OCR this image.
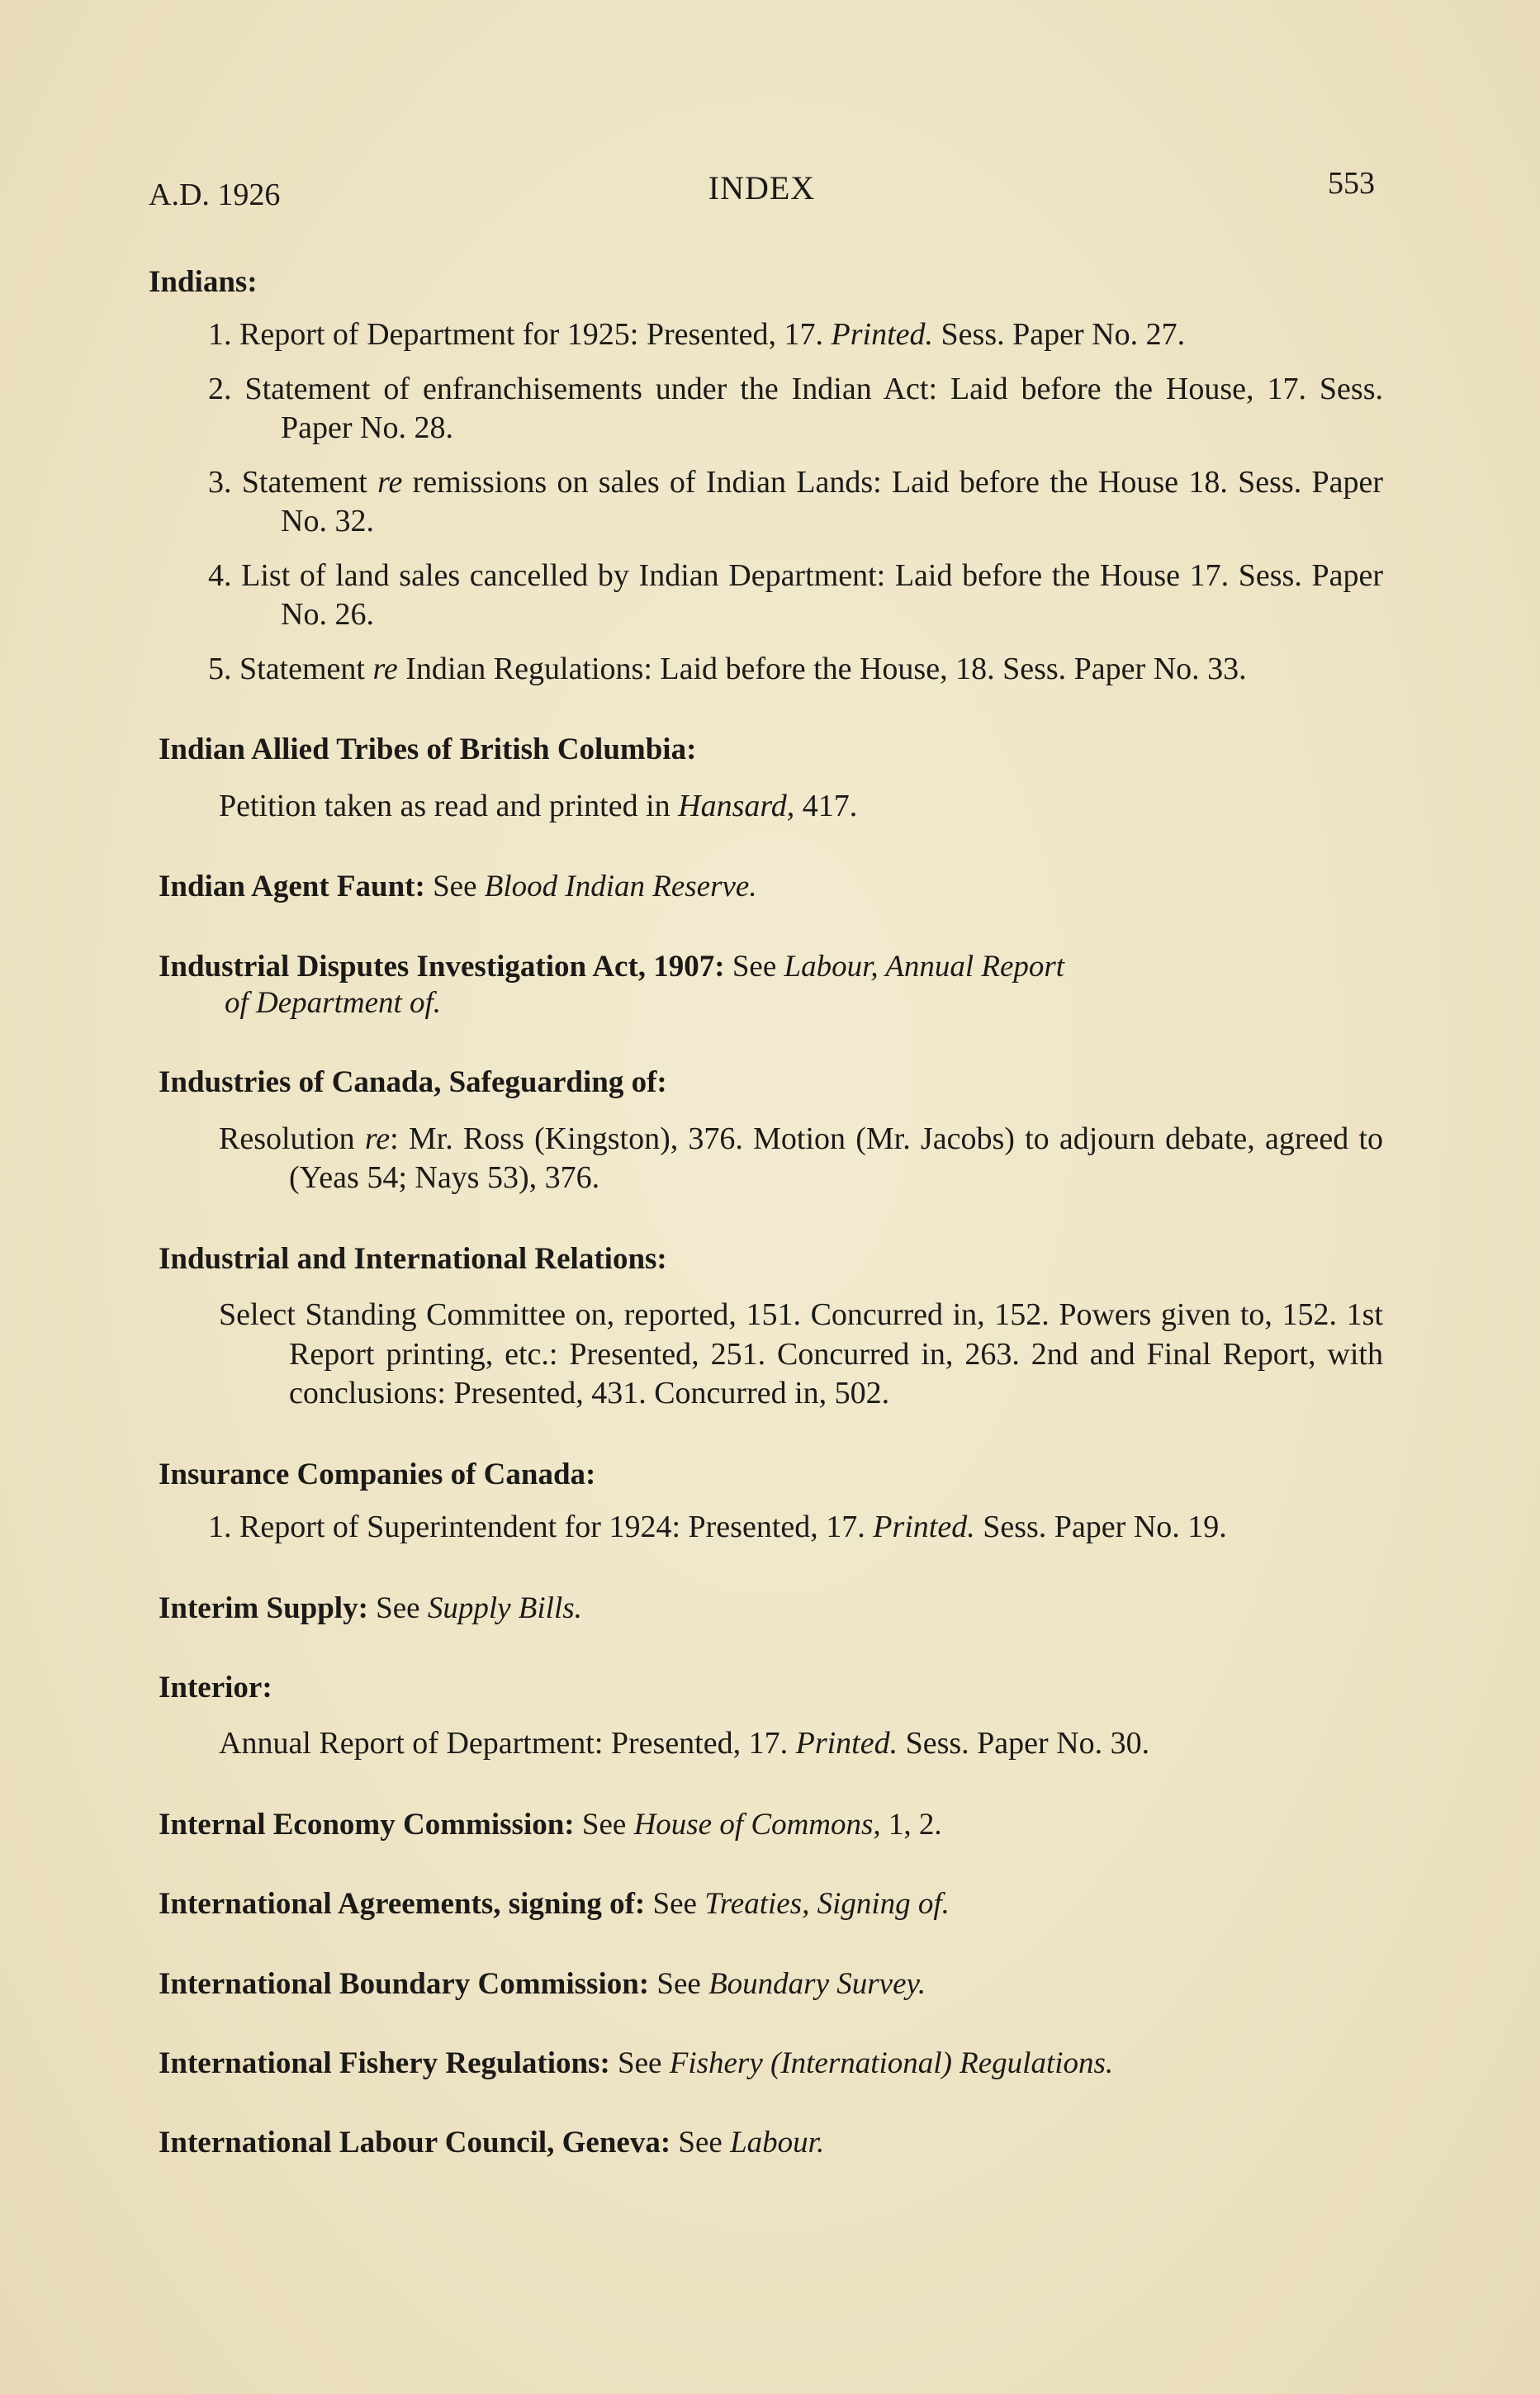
A.D. 1926	INDEX	553
Indians:
1. Report of Department for 1925: Presented, 17. Printed. Sess. Paper No. 27.
2. Statement of enfranchisements under the Indian Act: Laid before the House, 17. Sess. Paper No. 28.
3. Statement re remissions on sales of Indian Lands: Laid before the House 18. Sess. Paper No. 32.
4. List of land sales cancelled by Indian Department: Laid before the House 17. Sess. Paper No. 26.
5. Statement re Indian Regulations: Laid before the House, 18. Sess. Paper No. 33.
Indian Allied Tribes of British Columbia:
Petition taken as read and printed in Hansard, 417.
Indian Agent Faunt: See Blood Indian Reserve.
Industrial Disputes Investigation Act, 1907: See Labour, Annual Report
of Department of.
Industries of Canada, Safeguarding of:
Resolution re: Mr. Ross (Kingston), 376. Motion (Mr. Jacobs) to adjourn debate, agreed to (Yeas 54; Nays 53), 376.
Industrial and International Relations:
Select Standing Committee on, reported, 151. Concurred in, 152. Powers given to, 152. 1st Report printing, etc.: Presented, 251. Concurred in, 263. 2nd and Final Report, with conclusions: Presented, 431. Concurred in, 502.
Insurance Companies of Canada:
1. Report of Superintendent for 1924: Presented, 17. Printed. Sess. Paper No. 19.
Interim Supply: See Supply Bills.
Interior:
Annual Report of Department: Presented, 17. Printed. Sess. Paper No. 30.
Internal Economy Commission: See House of Commons, 1, 2.
International Agreements, signing of: See Treaties, Signing of.
International Boundary Commission: See Boundary Survey.
International Fishery Regulations: See Fishery (International) Regulations.
International Labour Council, Geneva: See Labour.
